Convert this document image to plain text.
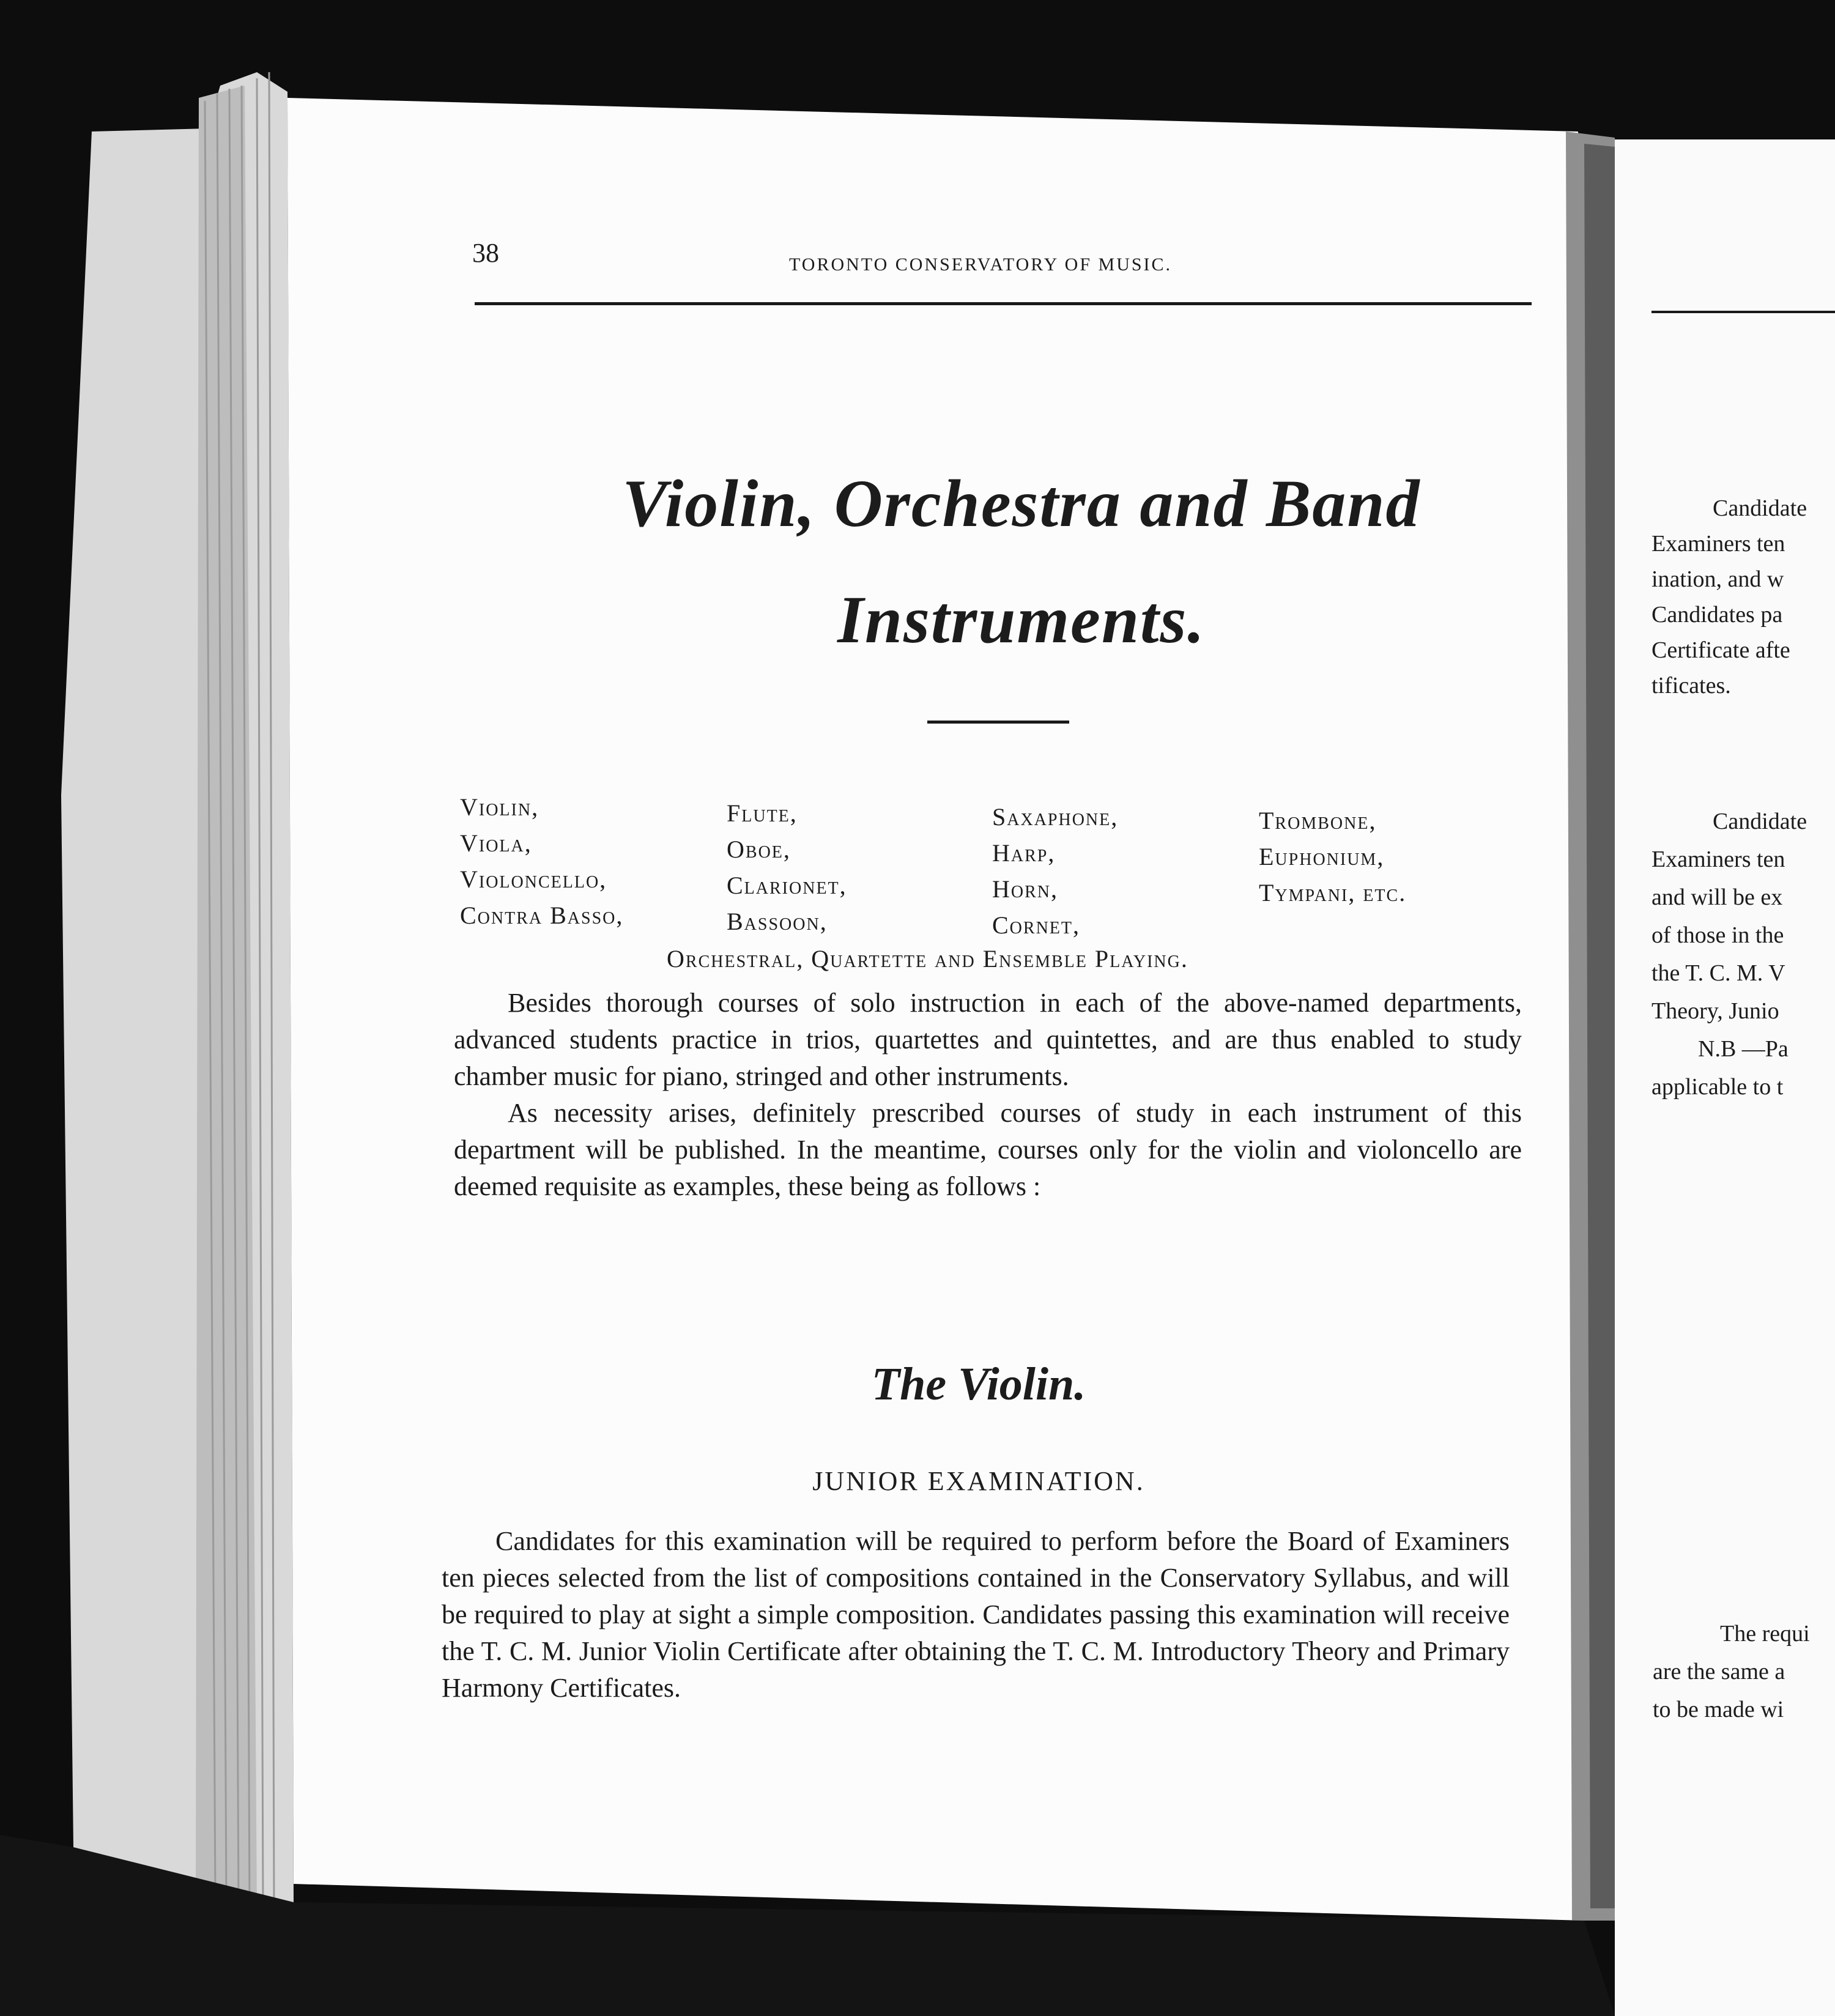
38	TORONTO CONSERVATORY OF MUSIC.
Violin, Orchestra and Band
Instruments.
Violin,
Viola,
Violoncello,
Contra Basso,
Flute,
Oboe,
Clarionet,
Bassoon,
Saxaphone,
Harp,
Horn,
Cornet,
Trombone,
Euphonium,
Tympani, etc.
Orchestral, Quartette and Ensemble Playing.

Besides thorough courses of solo instruction in each of the above-named departments, advanced students practice in trios, quartettes and quintettes, and are thus enabled to study chamber music for piano, stringed and other instruments.

As necessity arises, definitely prescribed courses of study in each instrument of this department will be published. In the meantime, courses only for the violin and violoncello are deemed requisite as examples, these being as follows :

The Violin.
JUNIOR EXAMINATION.

Candidates for this examination will be required to perform before the Board of Examiners ten pieces selected from the list of compositions contained in the Conservatory Syllabus, and will be required to play at sight a simple composition. Candidates passing this examination will receive the T. C. M. Junior Violin Certificate after obtaining the T. C. M. Introductory Theory and Primary Harmony Certificates.

Candidate
Examiners ten
ination, and w
Candidates pa
Certificate afte
tificates.
Candidate
Examiners ten
and will be ex
of those in the
the T. C. M. V
Theory, Junio
N.B —Pa
applicable to t
The requi
are the same a
to be made wi
